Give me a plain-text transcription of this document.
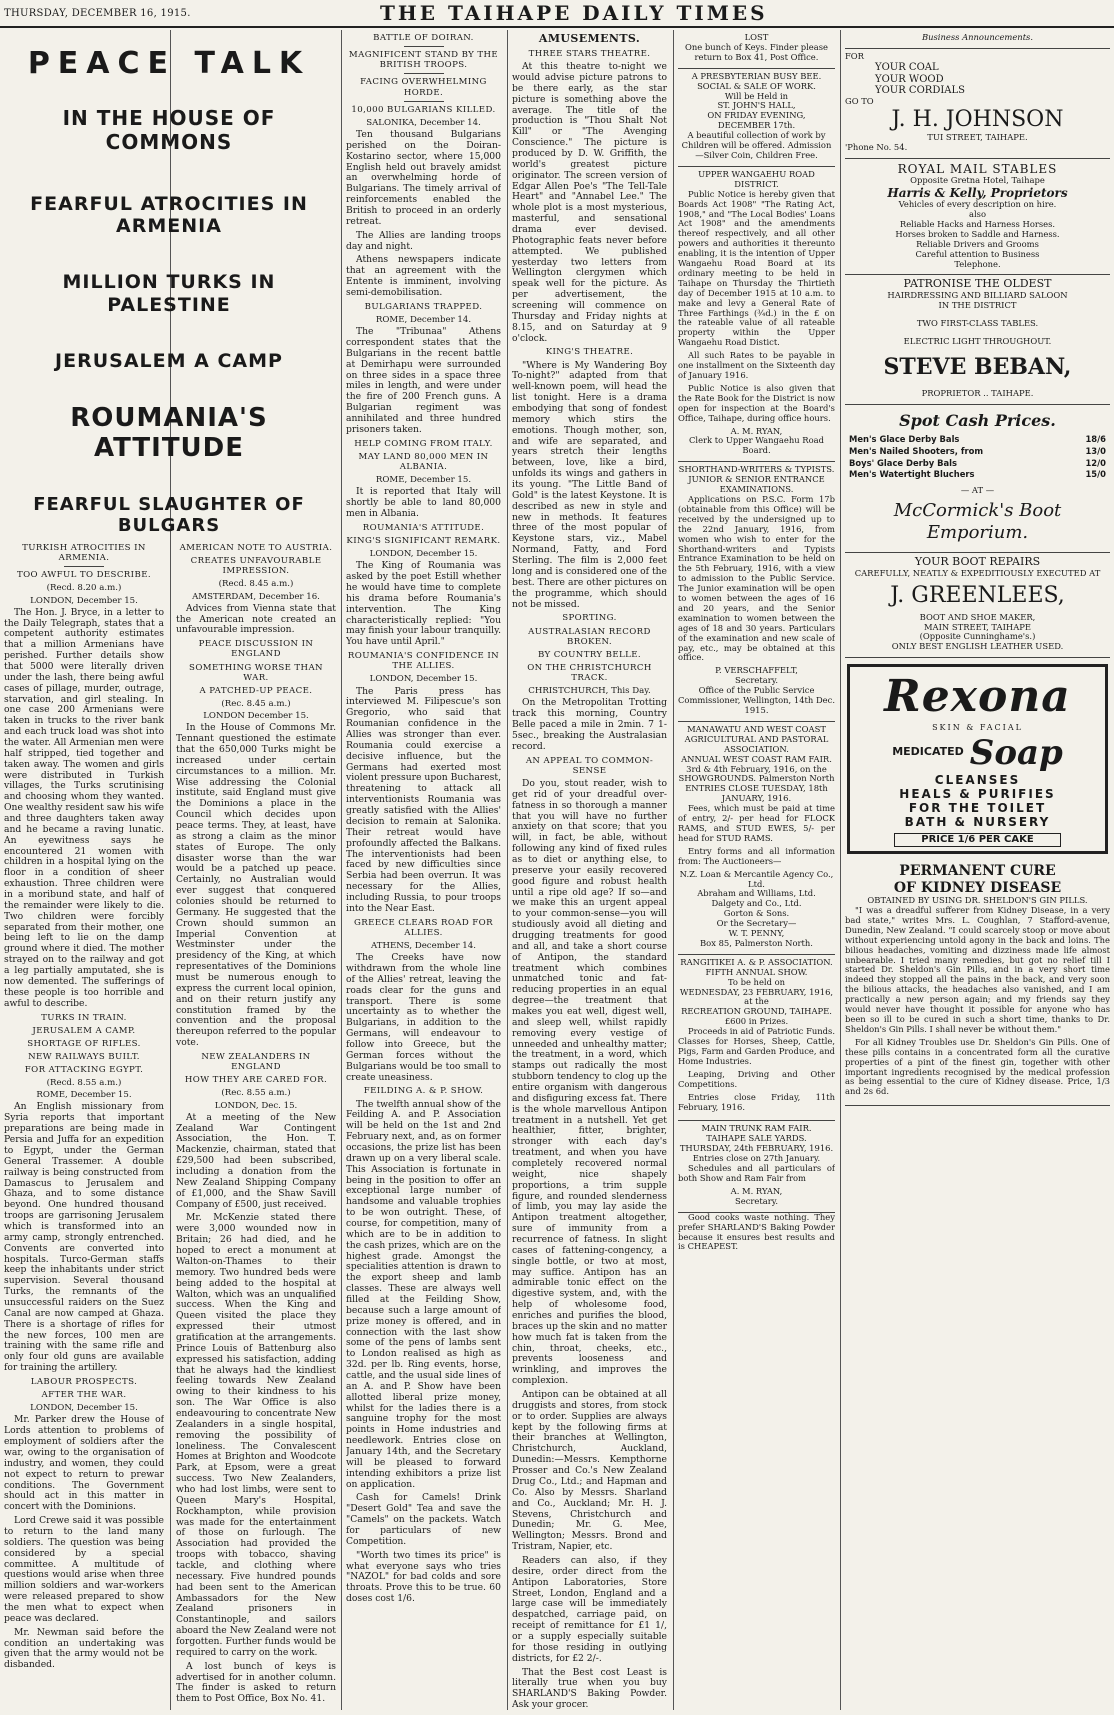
THURSDAY, DECEMBER 16, 1915.	THE TAIHAPE DAILY TIMES
PEACE TALK
IN THE HOUSE OF COMMONS
FEARFUL ATROCITIES IN ARMENIA
MILLION TURKS IN PALESTINE
JERUSALEM A CAMP
ROUMANIA'S ATTITUDE
FEARFUL SLAUGHTER OF BULGARS
TURKISH ATROCITIES IN ARMENIA.
TOO AWFUL TO DESCRIBE.
(Recd. 8.20 a.m.)
LONDON, December 15.

The Hon. J. Bryce, in a letter to the Daily Telegraph, states that a competent authority estimates that a million Armenians have perished. Further details show that 5000 were literally driven under the lash, there being awful cases of pillage, murder, outrage, starvation, and girl stealing. In one case 200 Armenians were taken in trucks to the river bank and each truck load was shot into the water. All Armenian men were half stripped, tied together and taken away. The women and girls were distributed in Turkish villages, the Turks scrutinising and choosing whom they wanted. One wealthy resident saw his wife and three daughters taken away and he became a raving lunatic. An eyewitness says he encountered 21 women with children in a hospital lying on the floor in a condition of sheer exhaustion. Three children were in a moribund state, and half of the remainder were likely to die. Two children were forcibly separated from their mother, one being left to lie on the damp ground where it died. The mother strayed on to the railway and got a leg partially amputated, she is now demented. The sufferings of these people is too horrible and awful to describe.

TURKS IN TRAIN.
JERUSALEM A CAMP.
SHORTAGE OF RIFLES.
NEW RAILWAYS BUILT.
FOR ATTACKING EGYPT.
(Recd. 8.55 a.m.)
ROME, December 15.

An English missionary from Syria reports that important preparations are being made in Persia and Juffa for an expedition to Egypt, under the German General Trassemer. A double railway is being constructed from Damascus to Jerusalem and Ghaza, and to some distance beyond. One hundred thousand troops are garrisoning Jerusalem which is transformed into an army camp, strongly entrenched. Convents are converted into hospitals. Turco-German staffs keep the inhabitants under strict supervision. Several thousand Turks, the remnants of the unsuccessful raiders on the Suez Canal are now camped at Ghaza. There is a shortage of rifles for the new forces, 100 men are training with the same rifle and only four old guns are available for training the artillery.

LABOUR PROSPECTS.
AFTER THE WAR.
LONDON, December 15.

Mr. Parker drew the House of Lords attention to problems of employment of soldiers after the war, owing to the organisation of industry, and women, they could not expect to return to prewar conditions. The Government should act in this matter in concert with the Dominions.

Lord Crewe said it was possible to return to the land many soldiers. The question was being considered by a special committee. A multitude of questions would arise when three million soldiers and war-workers were released prepared to show the men what to expect when peace was declared.

Mr. Newman said before the condition an undertaking was given that the army would not be disbanded.

BATTLE OF DOIRAN.
MAGNIFICENT STAND BY THE BRITISH TROOPS.
FACING OVERWHELMING HORDE.
10,000 BULGARIANS KILLED.
SALONIKA, December 14.

Ten thousand Bulgarians perished on the Doiran-Kostarino sector, where 15,000 English held out bravely amidst an overwhelming horde of Bulgarians. The timely arrival of reinforcements enabled the British to proceed in an orderly retreat.

The Allies are landing troops day and night.

Athens newspapers indicate that an agreement with the Entente is imminent, involving semi-demobilisation.

BULGARIANS TRAPPED.
ROME, December 14.

The "Tribunaa" Athens correspondent states that the Bulgarians in the recent battle at Demirhapu were surrounded on three sides in a space three miles in length, and were under the fire of 200 French guns. A Bulgarian regiment was annihilated and three hundred prisoners taken.

HELP COMING FROM ITALY.
MAY LAND 80,000 MEN IN ALBANIA.
ROME, December 15.

It is reported that Italy will shortly be able to land 80,000 men in Albania.

ROUMANIA'S ATTITUDE.
KING'S SIGNIFICANT REMARK.
LONDON, December 15.

The King of Roumania was asked by the poet Estill whether he would have time to complete his drama before Roumania's intervention. The King characteristically replied: "You may finish your labour tranquilly. You have until April."

ROUMANIA'S CONFIDENCE IN THE ALLIES.
LONDON, December 15.

The Paris press has interviewed M. Filipescue's son Gregorio, who said that Roumanian confidence in the Allies was stronger than ever. Roumania could exercise a decisive influence, but the Germans had exerted most violent pressure upon Bucharest, threatening to attack all interventionists Roumania was greatly satisfied with the Allies' decision to remain at Salonika. Their retreat would have profoundly affected the Balkans. The interventionists had been faced by new difficulties since Serbia had been overrun. It was necessary for the Allies, including Russia, to pour troops into the Near East.

GREECE CLEARS ROAD FOR ALLIES.
ATHENS, December 14.

The Creeks have now withdrawn from the whole line of the Allies' retreat, leaving the roads clear for the guns and transport. There is some uncertainty as to whether the Bulgarians, in addition to the Germans, will endeavour to follow into Greece, but the German forces without the Bulgarians would be too small to create uneasiness.

FEILDING A. & P. SHOW.

The twelfth annual show of the Feilding A. and P. Association will be held on the 1st and 2nd February next, and, as on former occasions, the prize list has been drawn up on a very liberal scale. This Association is fortunate in being in the position to offer an exceptional large number of handsome and valuable trophies to be won outright. These, of course, for competition, many of which are to be in addition to the cash prizes, which are on the highest grade. Amongst the specialities attention is drawn to the export sheep and lamb classes. These are always well filled at the Feilding Show, because such a large amount of prize money is offered, and in connection with the last show some of the pens of lambs sent to London realised as high as 32d. per lb. Ring events, horse, cattle, and the usual side lines of an A. and P. Show have been allotted liberal prize money, whilst for the ladies there is a sanguine trophy for the most points in Home industries and needlework. Entries close on January 14th, and the Secretary will be pleased to forward intending exhibitors a prize list on application.

Cash for Camels! Drink "Desert Gold" Tea and save the "Camels" on the packets. Watch for particulars of new Competition.

"Worth two times its price" is what everyone says who tries "NAZOL" for bad colds and sore throats. Prove this to be true. 60 doses cost 1/6.

AMERICAN NOTE TO AUSTRIA.
CREATES UNFAVOURABLE IMPRESSION.
(Recd. 8.45 a.m.)
AMSTERDAM, December 16.

Advices from Vienna state that the American note created an unfavourable impression.

PEACE DISCUSSION IN ENGLAND
SOMETHING WORSE THAN WAR.
A PATCHED-UP PEACE.
(Rec. 8.45 a.m.)
LONDON December 15.

In the House of Commons Mr. Tennant questioned the estimate that the 650,000 Turks might be increased under certain circumstances to a million. Mr. Wise addressing the Colonial institute, said England must give the Dominions a place in the Council which decides upon peace terms. They, at least, have as strong a claim as the minor states of Europe. The only disaster worse than the war would be a patched up peace. Certainly, no Australian would ever suggest that conquered colonies should be returned to Germany. He suggested that the Crown should summon an Imperial Convention at Westminster under the presidency of the King, at which representatives of the Dominions must be numerous enough to express the current local opinion, and on their return justify any constitution framed by the convention and the proposal thereupon referred to the popular vote.

NEW ZEALANDERS IN ENGLAND
HOW THEY ARE CARED FOR.
(Rec. 8.55 a.m.)
LONDON, Dec. 15.

At a meeting of the New Zealand War Contingent Association, the Hon. T. Mackenzie, chairman, stated that £29,500 had been subscribed, including a donation from the New Zealand Shipping Company of £1,000, and the Shaw Savill Company of £500, just received.

Mr. McKenzie stated there were 3,000 wounded now in Britain; 26 had died, and he hoped to erect a monument at Walton-on-Thames to their memory. Two hundred beds were being added to the hospital at Walton, which was an unqualified success. When the King and Queen visited the place they expressed their utmost gratification at the arrangements. Prince Louis of Battenburg also expressed his satisfaction, adding that he always had the kindliest feeling towards New Zealand owing to their kindness to his son. The War Office is also endeavouring to concentrate New Zealanders in a single hospital, removing the possibility of loneliness. The Convalescent Homes at Brighton and Woodcote Park, at Epsom, were a great success. Two New Zealanders, who had lost limbs, were sent to Queen Mary's Hospital, Rockhampton, while provision was made for the entertainment of those on furlough. The Association had provided the troops with tobacco, shaving tackle, and clothing where necessary. Five hundred pounds had been sent to the American Ambassadors for the New Zealand prisoners in Constantinople, and sailors aboard the New Zealand were not forgotten. Further funds would be required to carry on the work.

A lost bunch of keys is advertised for in another column. The finder is asked to return them to Post Office, Box No. 41.

AMUSEMENTS.
THREE STARS THEATRE.

At this theatre to-night we would advise picture patrons to be there early, as the star picture is something above the average. The title of the production is "Thou Shalt Not Kill" or "The Avenging Conscience." The picture is produced by D. W. Griffith, the world's greatest picture originator. The screen version of Edgar Allen Poe's "The Tell-Tale Heart" and "Annabel Lee." The whole plot is a most mysterious, masterful, and sensational drama ever devised. Photographic feats never before attempted. We published yesterday two letters from Wellington clergymen which speak well for the picture. As per advertisement, the screening will commence on Thursday and Friday nights at 8.15, and on Saturday at 9 o'clock.

KING'S THEATRE.

"Where is My Wandering Boy To-night?" adapted from that well-known poem, will head the list tonight. Here is a drama embodying that song of fondest memory which stirs the emotions. Though mother, son, and wife are separated, and years stretch their lengths between, love, like a bird, unfolds its wings and gathers in its young. "The Little Band of Gold" is the latest Keystone. It is described as new in style and new in methods. It features three of the most popular of Keystone stars, viz., Mabel Normand, Fatty, and Ford Sterling. The film is 2,000 feet long and is considered one of the best. There are other pictures on the programme, which should not be missed.

SPORTING.
AUSTRALASIAN RECORD BROKEN.
BY COUNTRY BELLE.
ON THE CHRISTCHURCH TRACK.
CHRISTCHURCH, This Day.

On the Metropolitan Trotting track this morning, Country Belle paced a mile in 2min. 7 1-5sec., breaking the Australasian record.

AN APPEAL TO COMMON-SENSE

Do you, stout reader, wish to get rid of your dreadful over-fatness in so thorough a manner that you will have no further anxiety on that score; that you will, in fact, be able, without following any kind of fixed rules as to diet or anything else, to preserve your easily recovered good figure and robust health until a ripe old age? If so—and we make this an urgent appeal to your common-sense—you will studiously avoid all dieting and drugging treatments for good and all, and take a short course of Antipon, the standard treatment which combines unmatched tonic and fat-reducing properties in an equal degree—the treatment that makes you eat well, digest well, and sleep well, whilst rapidly removing every vestige of unneeded and unhealthy matter; the treatment, in a word, which stamps out radically the most stubborn tendency to clog up the entire organism with dangerous and disfiguring excess fat. There is the whole marvellous Antipon treatment in a nutshell. Yet get healthier, fitter, brighter, stronger with each day's treatment, and when you have completely recovered normal weight, nice shapely proportions, a trim supple figure, and rounded slenderness of limb, you may lay aside the Antipon treatment altogether, sure of immunity from a recurrence of fatness. In slight cases of fattening-congency, a single bottle, or two at most, may suffice. Antipon has an admirable tonic effect on the digestive system, and, with the help of wholesome food, enriches and purifies the blood, braces up the skin and no matter how much fat is taken from the chin, throat, cheeks, etc., prevents looseness and wrinkling, and improves the complexion.

Antipon can be obtained at all druggists and stores, from stock or to order. Supplies are always kept by the following firms at their branches at Wellington, Christchurch, Auckland, Dunedin:—Messrs. Kempthorne Prosser and Co.'s New Zealand Drug Co., Ltd.; and Hapman and Co. Also by Messrs. Sharland and Co., Auckland; Mr. H. J. Stevens, Christchurch and Dunedin; Mr. G. Mee, Wellington; Messrs. Brond and Tristram, Napier, etc.

Readers can also, if they desire, order direct from the Antipon Laboratories, Store Street, London, England and a large case will be immediately despatched, carriage paid, on receipt of remittance for £1 1/, or a supply especially suitable for those residing in outlying districts, for £2 2/-.

That the Best cost Least is literally true when you buy SHARLAND'S Baking Powder. Ask your grocer.

LOST
One bunch of Keys. Finder please return to Box 41, Post Office.
A PRESBYTERIAN BUSY BEE.
SOCIAL & SALE OF WORK.
Will be Held in
ST. JOHN'S HALL,
ON FRIDAY EVENING,
DECEMBER 17th.
A beautiful collection of work by Children will be offered. Admission—Silver Coin, Children Free.
UPPER WANGAEHU ROAD DISTRICT.

Public Notice is hereby given that Boards Act 1908" "The Rating Act, 1908," and "The Local Bodies' Loans Act 1908" and the amendments thereof respectively, and all other powers and authorities it thereunto enabling, it is the intention of Upper Wangaehu Road Board at its ordinary meeting to be held in Taihape on Thursday the Thirtieth day of December 1915 at 10 a.m. to make and levy a General Rate of Three Farthings (¾d.) in the £ on the rateable value of all rateable property within the Upper Wangaehu Road Distict.

All such Rates to be payable in one installment on the Sixteenth day of January 1916.

Public Notice is also given that the Rate Book for the District is now open for inspection at the Board's Office, Taihape, during office hours.

A. M. RYAN,
Clerk to Upper Wangaehu Road Board.
SHORTHAND-WRITERS & TYPISTS.
JUNIOR & SENIOR ENTRANCE EXAMINATIONS.

Applications on P.S.C. Form 17b (obtainable from this Office) will be received by the undersigned up to the 22nd January, 1916, from women who wish to enter for the Shorthand-writers and Typists Entrance Examination to be held on the 5th February, 1916, with a view to admission to the Public Service. The Junior examination will be open to women between the ages of 16 and 20 years, and the Senior examination to women between the ages of 18 and 30 years. Particulars of the examination and new scale of pay, etc., may be obtained at this office.

P. VERSCHAFFELT,
Secretary.
Office of the Public Service Commissioner, Wellington, 14th Dec. 1915.
MANAWATU AND WEST COAST AGRICULTURAL AND PASTORAL ASSOCIATION.
ANNUAL WEST COAST RAM FAIR.
3rd & 4th February, 1916, on the
SHOWGROUNDS. Palmerston North
ENTRIES CLOSE TUESDAY, 18th JANUARY, 1916.

Fees, which must be paid at time of entry, 2/- per head for FLOCK RAMS, and STUD EWES, 5/- per head for STUD RAMS.

Entry forms and all information from: The Auctioneers—

N.Z. Loan & Mercantile Agency Co., Ltd.
Abraham and Williams, Ltd.
Dalgety and Co., Ltd.
Gorton & Sons.
Or the Secretary—
W. T. PENNY,
Box 85, Palmerston North.
RANGITIKEI A. & P. ASSOCIATION.
FIFTH ANNUAL SHOW.
To be held on
WEDNESDAY, 23 FEBRUARY, 1916,
at the
RECREATION GROUND, TAIHAPE.
£600 in Prizes.

Proceeds in aid of Patriotic Funds. Classes for Horses, Sheep, Cattle, Pigs, Farm and Garden Produce, and Home Industries.

Leaping, Driving and Other Competitions.

Entries close Friday, 11th February, 1916.

MAIN TRUNK RAM FAIR.
TAIHAPE SALE YARDS.
THURSDAY, 24th FEBRUARY, 1916.
Entries close on 27th January.

Schedules and all particulars of both Show and Ram Fair from

A. M. RYAN,
Secretary.

Good cooks waste nothing. They prefer SHARLAND'S Baking Powder because it ensures best results and is CHEAPEST.

Business Announcements.
FOR
YOUR COAL
YOUR WOOD
YOUR CORDIALS
GO TO
J. H. JOHNSON
TUI STREET, TAIHAPE.
'Phone No. 54.
ROYAL MAIL STABLES
Opposite Gretna Hotel, Taihape
Harris & Kelly, Proprietors
Vehicles of every description on hire.
also
Reliable Hacks and Harness Horses.
Horses broken to Saddle and Harness.
Reliable Drivers and Grooms
Careful attention to Business
Telephone.
PATRONISE THE OLDEST
HAIRDRESSING AND BILLIARD SALOON
IN THE DISTRICT
TWO FIRST-CLASS TABLES.
ELECTRIC LIGHT THROUGHOUT.
STEVE BEBAN,
PROPRIETOR .. TAIHAPE.
Spot Cash Prices.
Men's Glace Derby Bals	18/6
Men's Nailed Shooters, from	13/0
Boys' Glace Derby Bals	12/0
Men's Watertight Bluchers	15/0
— AT —
McCormick's Boot Emporium.
YOUR BOOT REPAIRS
CAREFULLY, NEATLY & EXPEDITIOUSLY EXECUTED AT
J. GREENLEES,
BOOT AND SHOE MAKER,
MAIN STREET, TAIHAPE
(Opposite Cunninghame's.)
ONLY BEST ENGLISH LEATHER USED.
Rexona
SKIN & FACIAL
MEDICATED Soap
CLEANSES
HEALS & PURIFIES
FOR THE TOILET
BATH & NURSERY
PRICE 1/6 PER CAKE
PERMANENT CURE
OF KIDNEY DISEASE
OBTAINED BY USING DR. SHELDON'S GIN PILLS.

"I was a dreadful sufferer from Kidney Disease, in a very bad state," writes Mrs. L. Coughlan, 7 Stafford-avenue, Dunedin, New Zealand. "I could scarcely stoop or move about without experiencing untold agony in the back and loins. The bilious headaches, vomiting and dizziness made life almost unbearable. I tried many remedies, but got no relief till I started Dr. Sheldon's Gin Pills, and in a very short time indeed they stopped all the pains in the back, and very soon the bilious attacks, the headaches also vanished, and I am practically a new person again; and my friends say they would never have thought it possible for anyone who has been so ill to be cured in such a short time, thanks to Dr. Sheldon's Gin Pills. I shall never be without them."

For all Kidney Troubles use Dr. Sheldon's Gin Pills. One of these pills contains in a concentrated form all the curative properties of a pint of the finest gin, together with other important ingredients recognised by the medical profession as being essential to the cure of Kidney disease. Price, 1/3 and 2s 6d.
